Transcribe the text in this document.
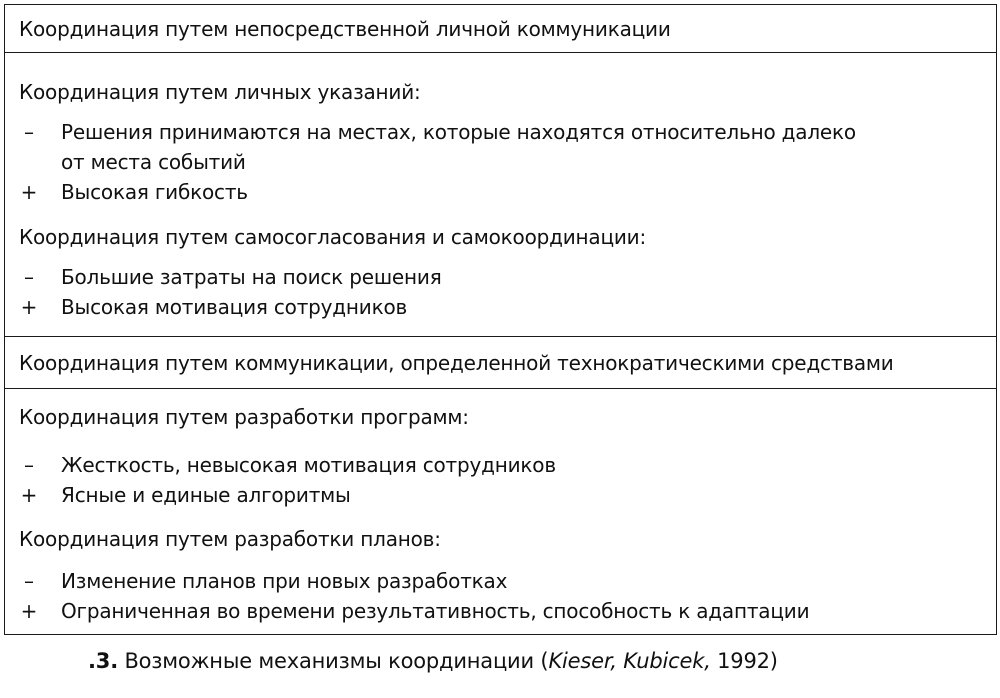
Координация путем непосредственной личной коммуникации
Координация путем личных указаний:
– Решения принимаются на местах, которые находятся относительно далеко
от места событий
+ Высокая гибкость
Координация путем самосогласования и самокоординации:
– Большие затраты на поиск решения
+ Высокая мотивация сотрудников
Координация путем коммуникации, определенной технократическими средствами
Координация путем разработки программ:
– Жесткость, невысокая мотивация сотрудников
+ Ясные и единые алгоритмы
Координация путем разработки планов:
– Изменение планов при новых разработках
+ Ограниченная во времени результативность, способность к адаптации
.3. Возможные механизмы координации (Kieser, Kubicek, 1992)
